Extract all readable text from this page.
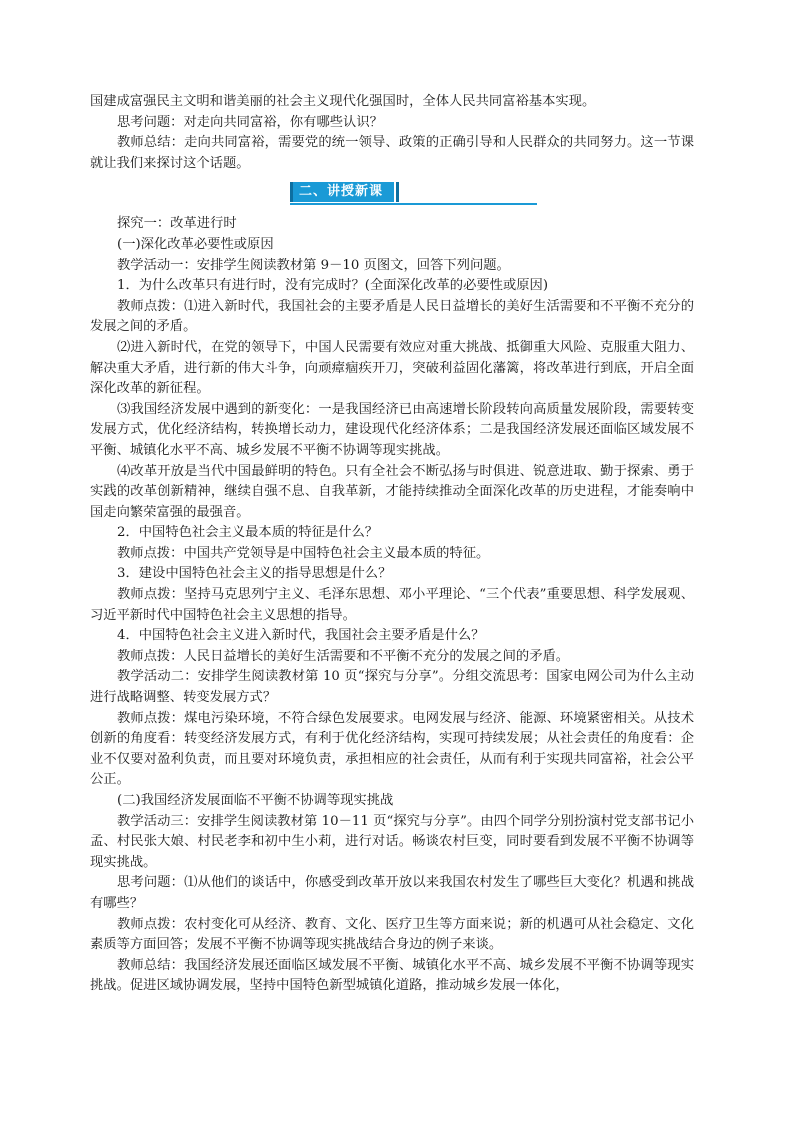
国建成富强民主文明和谐美丽的社会主义现代化强国时，全体人民共同富裕基本实现。

思考问题：对走向共同富裕，你有哪些认识？

教师总结：走向共同富裕，需要党的统一领导、政策的正确引导和人民群众的共同努力。这一节课就让我们来探讨这个话题。

二、讲授新课

探究一：改革进行时

(一)深化改革必要性或原因

教学活动一：安排学生阅读教材第 9－10 页图文，回答下列问题。

1．为什么改革只有进行时，没有完成时？(全面深化改革的必要性或原因)

教师点拨：⑴进入新时代，我国社会的主要矛盾是人民日益增长的美好生活需要和不平衡不充分的发展之间的矛盾。

⑵进入新时代，在党的领导下，中国人民需要有效应对重大挑战、抵御重大风险、克服重大阻力、解决重大矛盾，进行新的伟大斗争，向顽瘴痼疾开刀，突破利益固化藩篱，将改革进行到底，开启全面深化改革的新征程。

⑶我国经济发展中遇到的新变化：一是我国经济已由高速增长阶段转向高质量发展阶段，需要转变发展方式，优化经济结构，转换增长动力，建设现代化经济体系；二是我国经济发展还面临区域发展不平衡、城镇化水平不高、城乡发展不平衡不协调等现实挑战。

⑷改革开放是当代中国最鲜明的特色。只有全社会不断弘扬与时俱进、锐意进取、勤于探索、勇于实践的改革创新精神，继续自强不息、自我革新，才能持续推动全面深化改革的历史进程，才能奏响中国走向繁荣富强的最强音。

2．中国特色社会主义最本质的特征是什么？

教师点拨：中国共产党领导是中国特色社会主义最本质的特征。

3．建设中国特色社会主义的指导思想是什么？

教师点拨：坚持马克思列宁主义、毛泽东思想、邓小平理论、“三个代表”重要思想、科学发展观、习近平新时代中国特色社会主义思想的指导。

4．中国特色社会主义进入新时代，我国社会主要矛盾是什么？

教师点拨：人民日益增长的美好生活需要和不平衡不充分的发展之间的矛盾。

教学活动二：安排学生阅读教材第 10 页“探究与分享”。分组交流思考：国家电网公司为什么主动进行战略调整、转变发展方式？

教师点拨：煤电污染环境，不符合绿色发展要求。电网发展与经济、能源、环境紧密相关。从技术创新的角度看：转变经济发展方式，有利于优化经济结构，实现可持续发展；从社会责任的角度看：企业不仅要对盈利负责，而且要对环境负责，承担相应的社会责任，从而有利于实现共同富裕，社会公平公正。

(二)我国经济发展面临不平衡不协调等现实挑战

教学活动三：安排学生阅读教材第 10－11 页“探究与分享”。由四个同学分别扮演村党支部书记小孟、村民张大娘、村民老李和初中生小莉，进行对话。畅谈农村巨变，同时要看到发展不平衡不协调等现实挑战。

思考问题：⑴从他们的谈话中，你感受到改革开放以来我国农村发生了哪些巨大变化？机遇和挑战有哪些？

教师点拨：农村变化可从经济、教育、文化、医疗卫生等方面来说；新的机遇可从社会稳定、文化素质等方面回答；发展不平衡不协调等现实挑战结合身边的例子来谈。

教师总结：我国经济发展还面临区域发展不平衡、城镇化水平不高、城乡发展不平衡不协调等现实挑战。促进区域协调发展，坚持中国特色新型城镇化道路，推动城乡发展一体化，
